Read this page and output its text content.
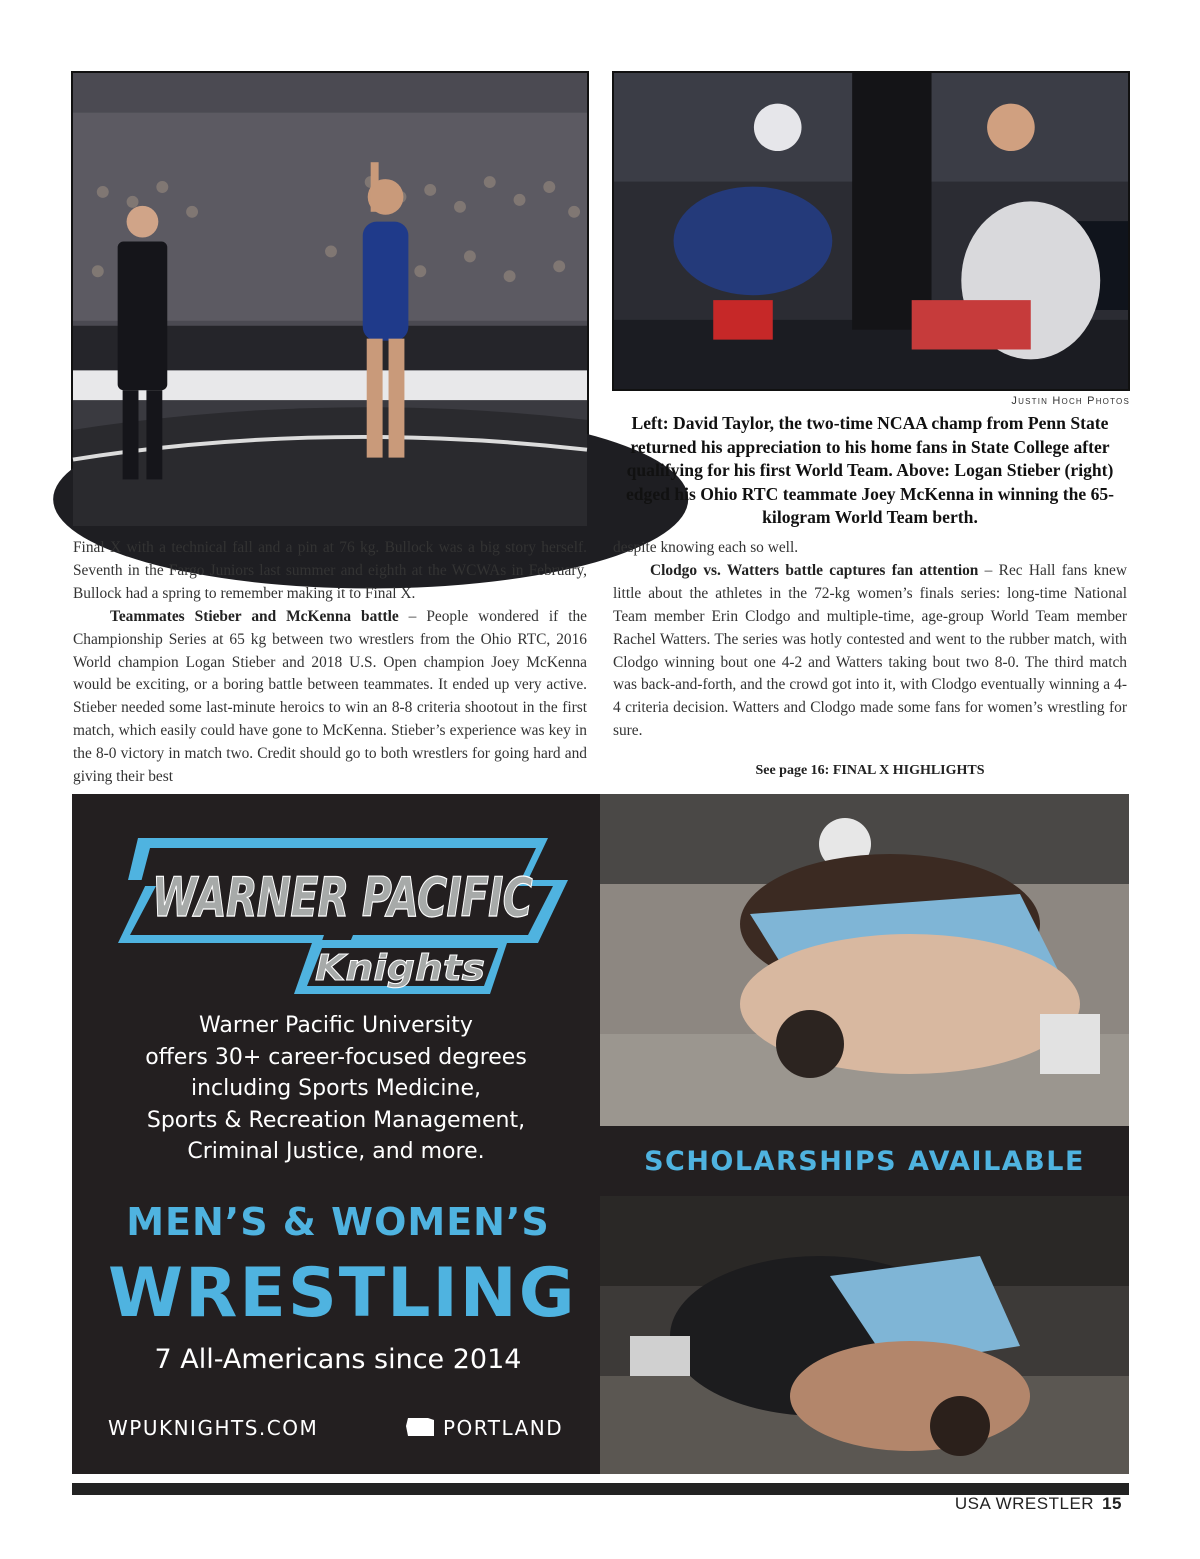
Justin Hoch Photos
Left: David Taylor, the two-time NCAA champ from Penn State returned his appreciation to his home fans in State College after qualifying for his first World Team. Above: Logan Stieber (right) edged his Ohio RTC teammate Joey McKenna in winning the 65-kilogram World Team berth.

Final X with a technical fall and a pin at 76 kg. Bullock was a big story herself. Seventh in the Fargo Juniors last summer and eighth at the WCWAs in February, Bullock had a spring to remember making it to Final X.

Teammates Stieber and McKenna battle – People wondered if the Championship Series at 65 kg between two wrestlers from the Ohio RTC, 2016 World champion Logan Stieber and 2018 U.S. Open champion Joey McKenna would be exciting, or a boring battle between teammates. It ended up very active. Stieber needed some last-minute heroics to win an 8-8 criteria shootout in the first match, which easily could have gone to McKenna. Stieber’s experience was key in the 8-0 victory in match two. Credit should go to both wrestlers for going hard and giving their best

despite knowing each so well.

Clodgo vs. Watters battle captures fan attention – Rec Hall fans knew little about the athletes in the 72-kg women’s finals series: long-time National Team member Erin Clodgo and multiple-time, age-group World Team member Rachel Watters. The series was hotly contested and went to the rubber match, with Clodgo winning bout one 4-2 and Watters taking bout two 8-0. The third match was back-and-forth, and the crowd got into it, with Clodgo eventually winning a 4-4 criteria decision. Watters and Clodgo made some fans for women’s wrestling for sure.

See page 16: FINAL X HIGHLIGHTS
WARNER PACIFIC
Knights
Warner Pacific University
offers 30+ career-focused degrees
including Sports Medicine,
Sports & Recreation Management,
Criminal Justice, and more.
MEN’S & WOMEN’S
WRESTLING
7 All-Americans since 2014
WPUKNIGHTS.COM	PORTLAND
SCHOLARSHIPS AVAILABLE
USA WRESTLER 15
